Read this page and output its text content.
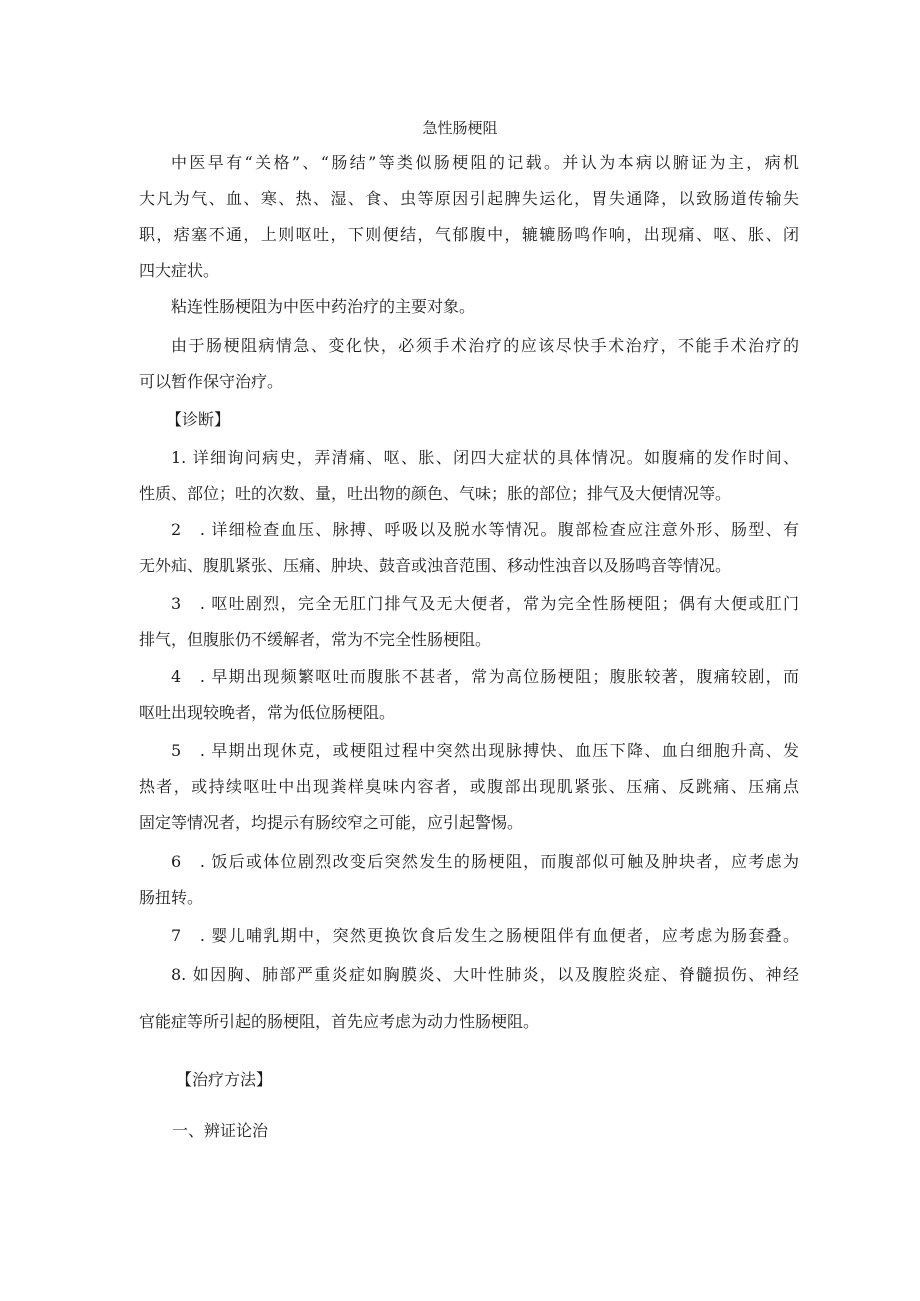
急性肠梗阻
中医早有“关格”、“肠结”等类似肠梗阻的记载。并认为本病以腑证为主，病机
大凡为气、血、寒、热、湿、食、虫等原因引起脾失运化，胃失通降，以致肠道传输失
职，痞塞不通，上则呕吐，下则便结，气郁腹中，辘辘肠鸣作响，出现痛、呕、胀、闭
四大症状。
粘连性肠梗阻为中医中药治疗的主要对象。
由于肠梗阻病情急、变化快，必须手术治疗的应该尽快手术治疗，不能手术治疗的
可以暂作保守治疗。
【诊断】
1. 详细询问病史，弄清痛、呕、胀、闭四大症状的具体情况。如腹痛的发作时间、
性质、部位；吐的次数、量，吐出物的颜色、气味；胀的部位；排气及大便情况等。
2　. 详细检查血压、脉搏、呼吸以及脱水等情况。腹部检查应注意外形、肠型、有
无外疝、腹肌紧张、压痛、肿块、鼓音或浊音范围、移动性浊音以及肠鸣音等情况。
3　. 呕吐剧烈，完全无肛门排气及无大便者，常为完全性肠梗阻；偶有大便或肛门
排气，但腹胀仍不缓解者，常为不完全性肠梗阻。
4　. 早期出现频繁呕吐而腹胀不甚者，常为高位肠梗阻；腹胀较著，腹痛较剧，而
呕吐出现较晚者，常为低位肠梗阻。
5　. 早期出现休克，或梗阻过程中突然出现脉搏快、血压下降、血白细胞升高、发
热者，或持续呕吐中出现粪样臭味内容者，或腹部出现肌紧张、压痛、反跳痛、压痛点
固定等情况者，均提示有肠绞窄之可能，应引起警惕。
6　. 饭后或体位剧烈改变后突然发生的肠梗阻，而腹部似可触及肿块者，应考虑为
肠扭转。
7　. 婴儿哺乳期中，突然更换饮食后发生之肠梗阻伴有血便者，应考虑为肠套叠。
8. 如因胸、肺部严重炎症如胸膜炎、大叶性肺炎，以及腹腔炎症、脊髓损伤、神经
官能症等所引起的肠梗阻，首先应考虑为动力性肠梗阻。
【治疗方法】
一、辨证论治
